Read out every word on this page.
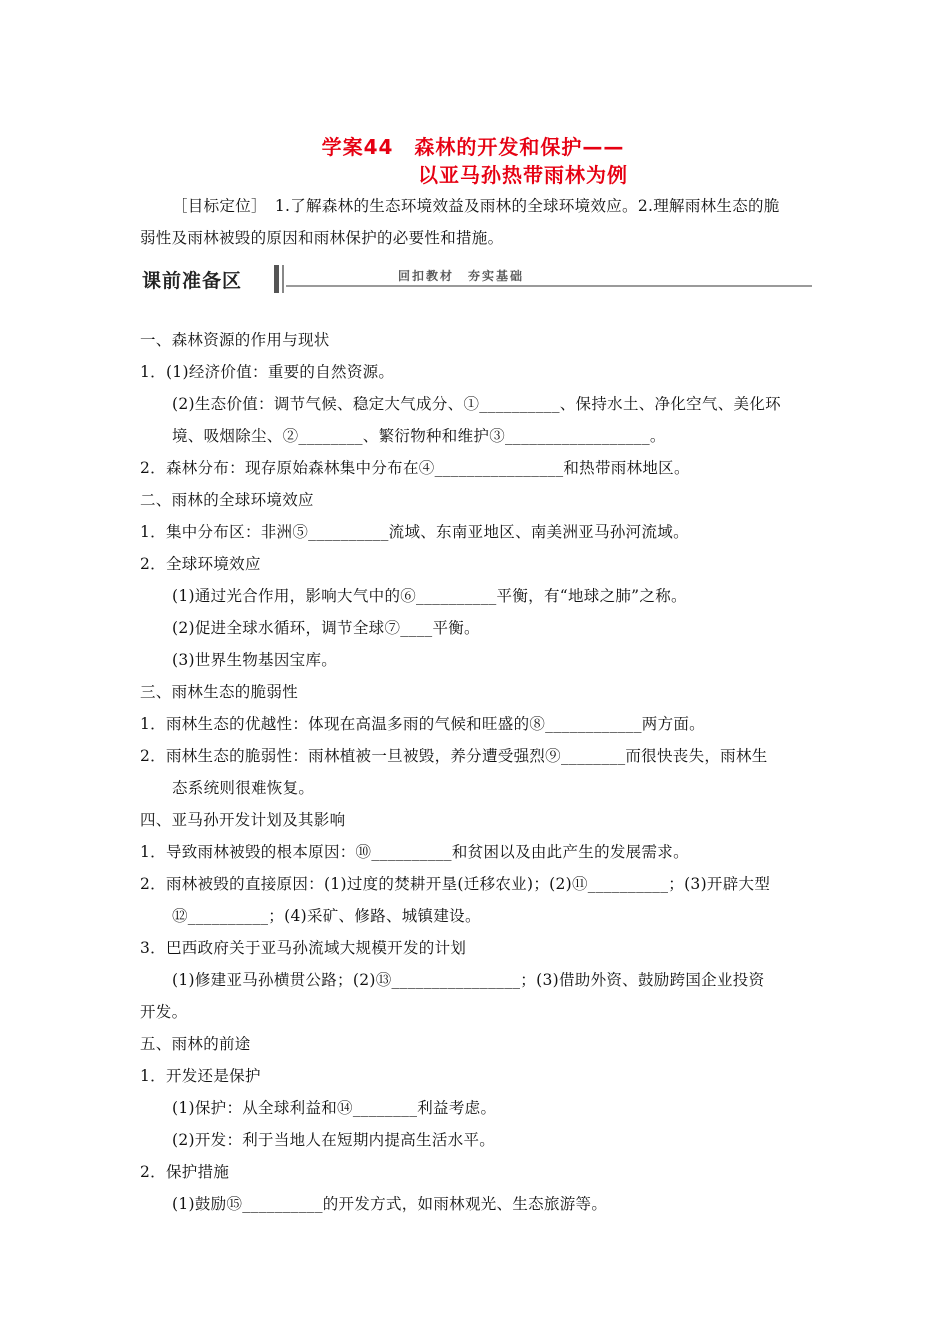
学案44　森林的开发和保护——
以亚马孙热带雨林为例
［目标定位］　1.了解森林的生态环境效益及雨林的全球环境效应。2.理解雨林生态的脆
弱性及雨林被毁的原因和雨林保护的必要性和措施。
课前准备区	回扣教材　夯实基础
一、森林资源的作用与现状
1．(1)经济价值：重要的自然资源。
(2)生态价值：调节气候、稳定大气成分、①__________、保持水土、净化空气、美化环
境、吸烟除尘、②________、繁衍物种和维护③__________________。
2．森林分布：现存原始森林集中分布在④________________和热带雨林地区。
二、雨林的全球环境效应
1．集中分布区：非洲⑤__________流域、东南亚地区、南美洲亚马孙河流域。
2．全球环境效应
(1)通过光合作用，影响大气中的⑥__________平衡，有“地球之肺”之称。
(2)促进全球水循环，调节全球⑦____平衡。
(3)世界生物基因宝库。
三、雨林生态的脆弱性
1．雨林生态的优越性：体现在高温多雨的气候和旺盛的⑧____________两方面。
2．雨林生态的脆弱性：雨林植被一旦被毁，养分遭受强烈⑨________而很快丧失，雨林生
态系统则很难恢复。
四、亚马孙开发计划及其影响
1．导致雨林被毁的根本原因：⑩__________和贫困以及由此产生的发展需求。
2．雨林被毁的直接原因：(1)过度的焚耕开垦(迁移农业)；(2)⑪__________；(3)开辟大型
⑫__________；(4)采矿、修路、城镇建设。
3．巴西政府关于亚马孙流域大规模开发的计划
(1)修建亚马孙横贯公路；(2)⑬________________；(3)借助外资、鼓励跨国企业投资
开发。
五、雨林的前途
1．开发还是保护
(1)保护：从全球利益和⑭________利益考虑。
(2)开发：利于当地人在短期内提高生活水平。
2．保护措施
(1)鼓励⑮__________的开发方式，如雨林观光、生态旅游等。
